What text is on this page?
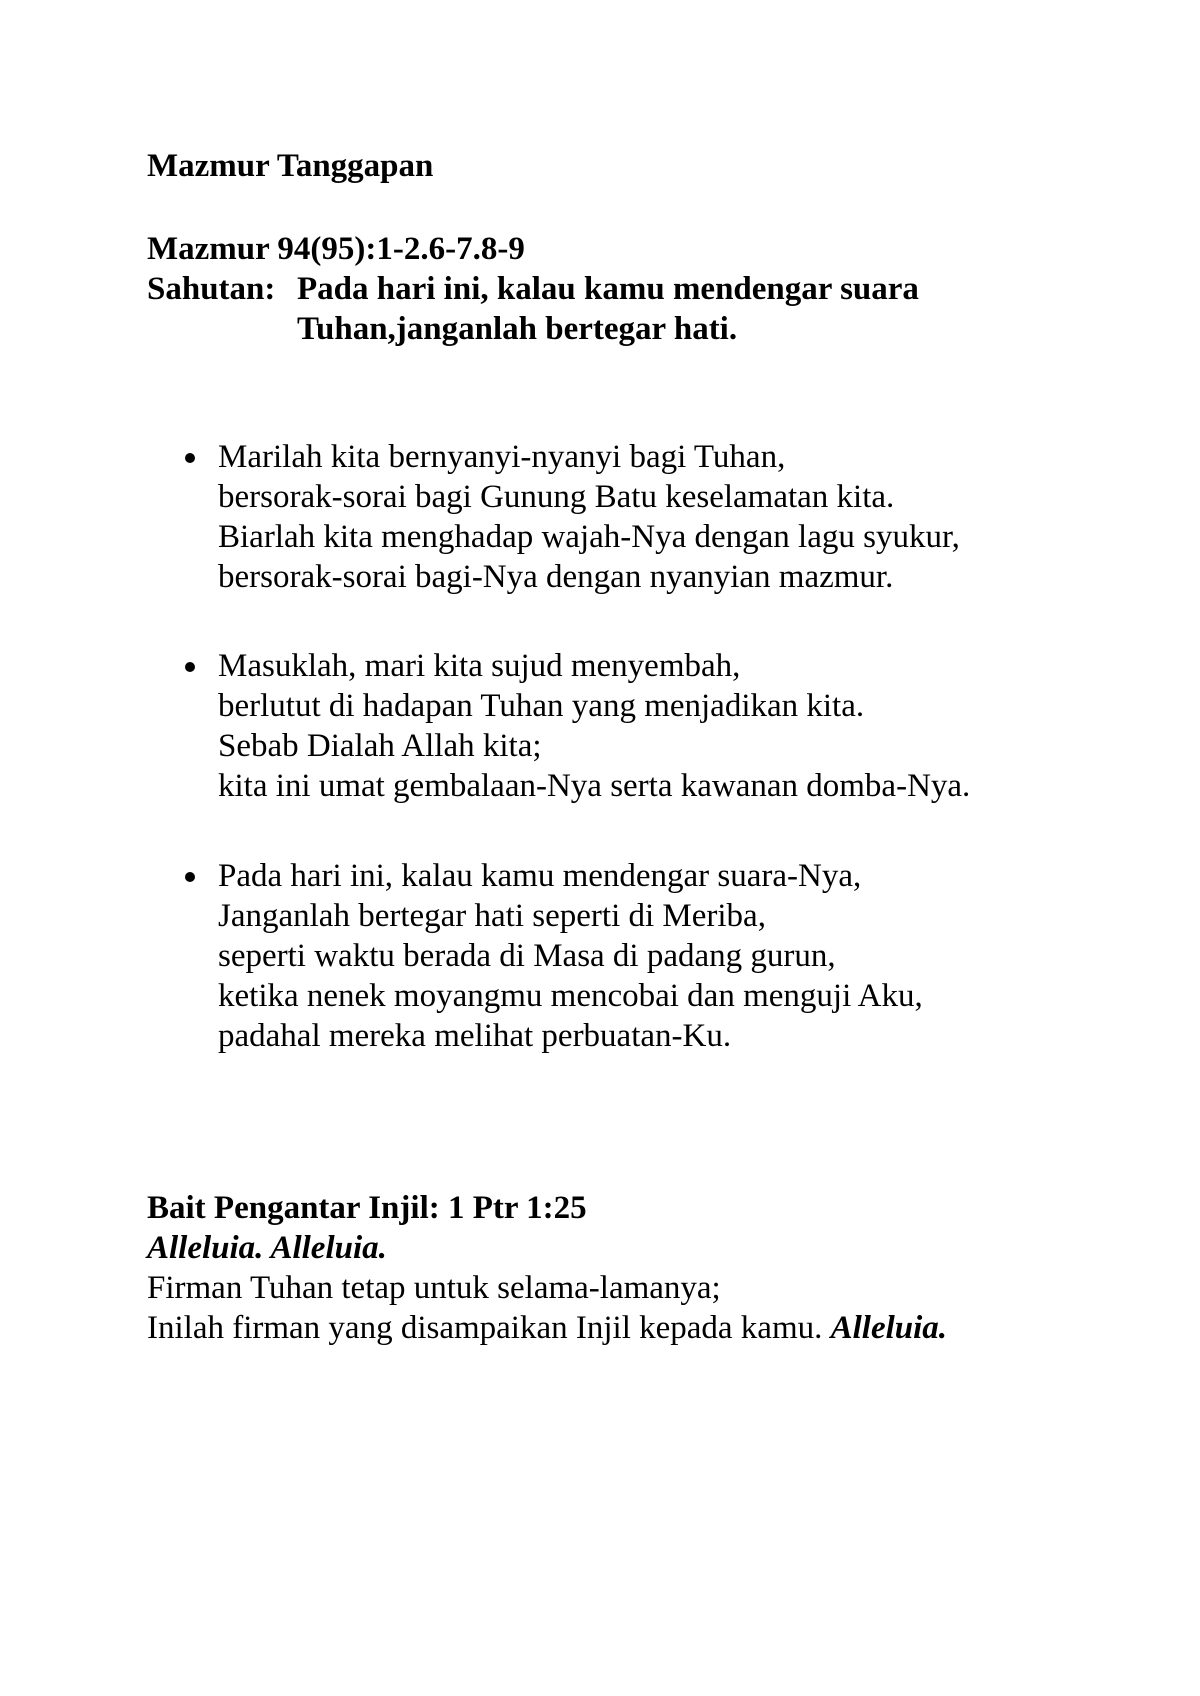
Mazmur Tanggapan
Mazmur 94(95):1-2.6-7.8-9
Sahutan: Pada hari ini, kalau kamu mendengar suara Tuhan,janganlah bertegar hati.
Marilah kita bernyanyi-nyanyi bagi Tuhan,
bersorak-sorai bagi Gunung Batu keselamatan kita.
Biarlah kita menghadap wajah-Nya dengan lagu syukur,
bersorak-sorai bagi-Nya dengan nyanyian mazmur.
Masuklah, mari kita sujud menyembah,
berlutut di hadapan Tuhan yang menjadikan kita.
Sebab Dialah Allah kita;
kita ini umat gembalaan-Nya serta kawanan domba-Nya.
Pada hari ini, kalau kamu mendengar suara-Nya,
Janganlah bertegar hati seperti di Meriba,
seperti waktu berada di Masa di padang gurun,
ketika nenek moyangmu mencobai dan menguji Aku,
padahal mereka melihat perbuatan-Ku.
Bait Pengantar Injil: 1 Ptr 1:25
Alleluia. Alleluia.
Firman Tuhan tetap untuk selama-lamanya;
Inilah firman yang disampaikan Injil kepada kamu. Alleluia.
